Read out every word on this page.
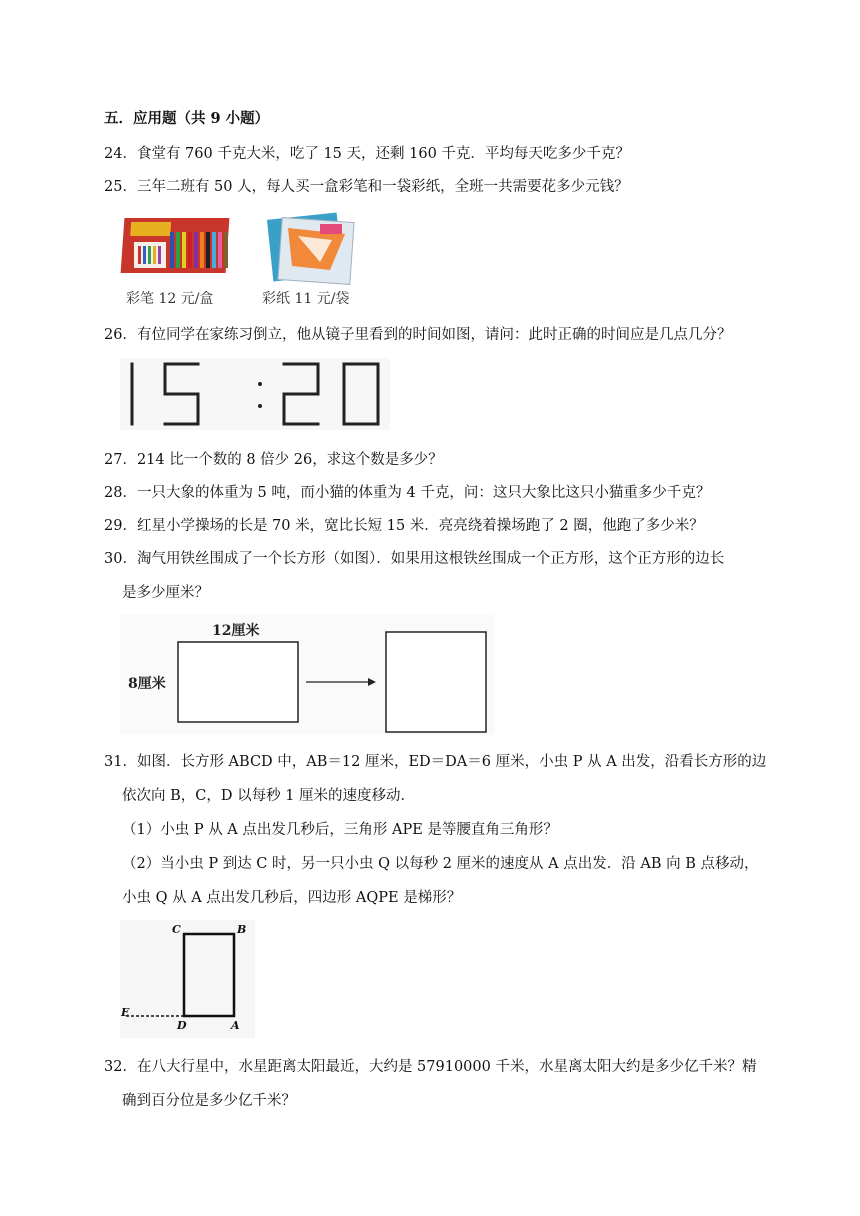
五．应用题（共 9 小题）
24．食堂有 760 千克大米，吃了 15 天，还剩 160 千克．平均每天吃多少千克？
25．三年二班有 50 人，每人买一盒彩笔和一袋彩纸，全班一共需要花多少元钱？
彩笔 12 元/盒	彩纸 11 元/袋
26．有位同学在家练习倒立，他从镜子里看到的时间如图，请问：此时正确的时间应是几点几分？
27．214 比一个数的 8 倍少 26，求这个数是多少？
28．一只大象的体重为 5 吨，而小猫的体重为 4 千克，问：这只大象比这只小猫重多少千克？
29．红星小学操场的长是 70 米，宽比长短 15 米．亮亮绕着操场跑了 2 圈，他跑了多少米？
30．淘气用铁丝围成了一个长方形（如图）．如果用这根铁丝围成一个正方形，这个正方形的边长
是多少厘米？
12厘米
8厘米
31．如图．长方形 ABCD 中，AB＝12 厘米，ED＝DA＝6 厘米，小虫 P 从 A 出发，沿看长方形的边
依次向 B，C，D 以每秒 1 厘米的速度移动．
（1）小虫 P 从 A 点出发几秒后，三角形 APE 是等腰直角三角形？
（2）当小虫 P 到达 C 时，另一只小虫 Q 以每秒 2 厘米的速度从 A 点出发．沿 AB 向 B 点移动，
小虫 Q 从 A 点出发几秒后，四边形 AQPE 是梯形？
C	B
E
D	A
32．在八大行星中，水星距离太阳最近，大约是 57910000 千米，水星离太阳大约是多少亿千米？精
确到百分位是多少亿千米？
